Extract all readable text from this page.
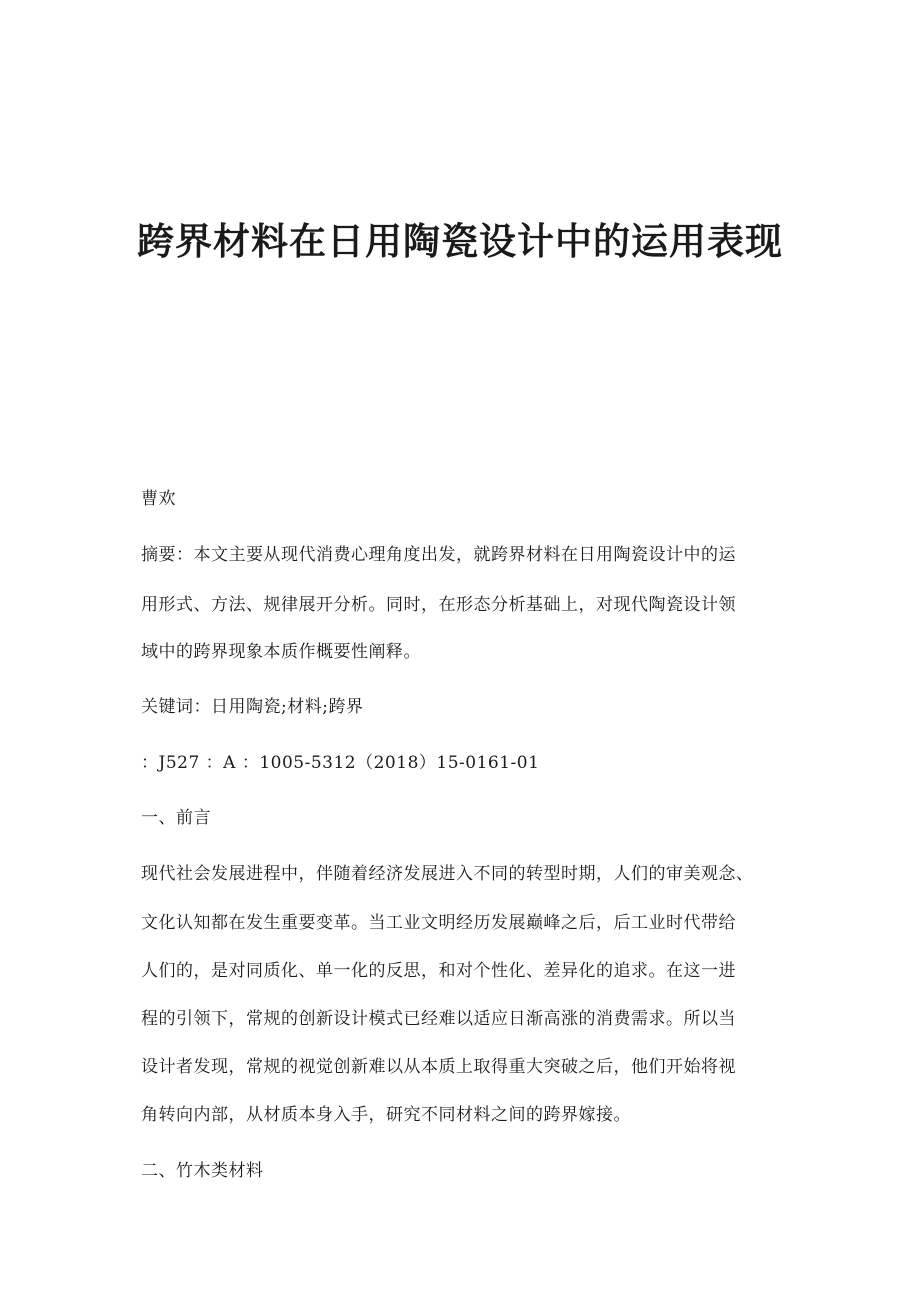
跨界材料在日用陶瓷设计中的运用表现
曹欢
摘要：本文主要从现代消费心理角度出发，就跨界材料在日用陶瓷设计中的运
用形式、方法、规律展开分析。同时，在形态分析基础上，对现代陶瓷设计领
域中的跨界现象本质作概要性阐释。
关键词：日用陶瓷;材料;跨界
：J527 ：A ：1005-5312（2018）15-0161-01
一、前言
现代社会发展进程中，伴随着经济发展进入不同的转型时期，人们的审美观念、
文化认知都在发生重要变革。当工业文明经历发展巅峰之后，后工业时代带给
人们的，是对同质化、单一化的反思，和对个性化、差异化的追求。在这一进
程的引领下，常规的创新设计模式已经难以适应日渐高涨的消费需求。所以当
设计者发现，常规的视觉创新难以从本质上取得重大突破之后，他们开始将视
角转向内部，从材质本身入手，研究不同材料之间的跨界嫁接。
二、竹木类材料
